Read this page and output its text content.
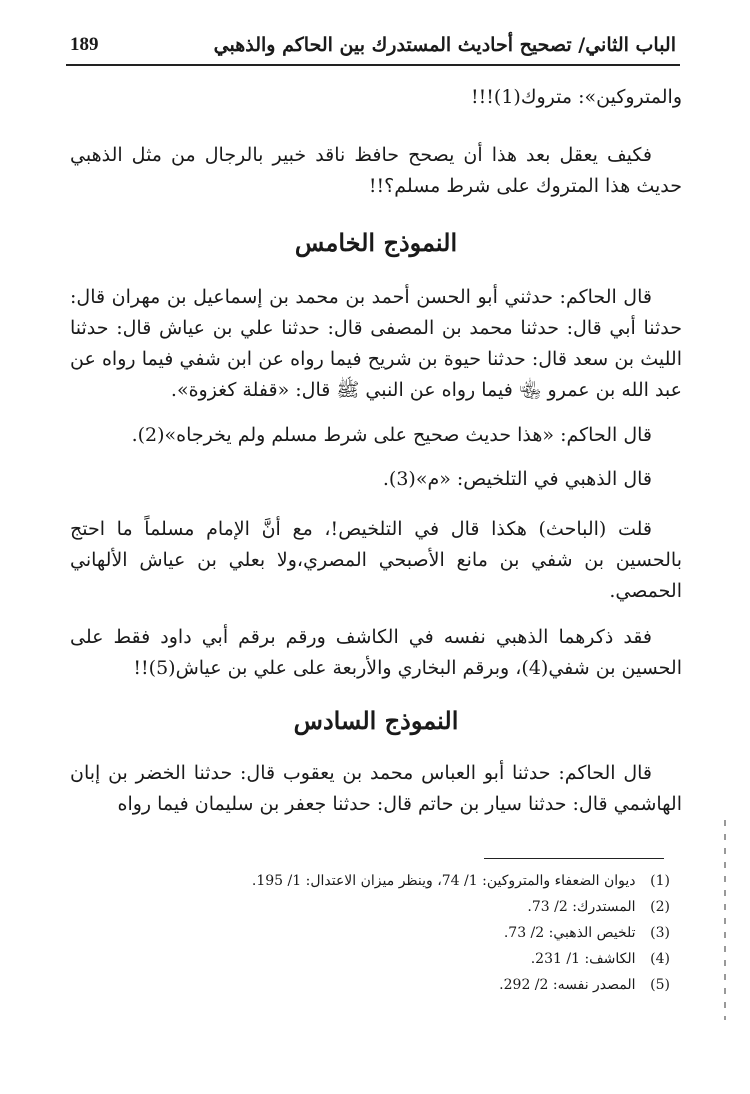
الباب الثاني/ تصحيح أحاديث المستدرك بين الحاكم والذهبي
189
والمتروكين»: متروك(1)!!!
فكيف يعقل بعد هذا أن يصحح حافظ ناقد خبير بالرجال من مثل الذهبي حديث هذا المتروك على شرط مسلم؟!!
النموذج الخامس
قال الحاكم: حدثني أبو الحسن أحمد بن محمد بن إسماعيل بن مهران قال: حدثنا أبي قال: حدثنا محمد بن المصفى قال: حدثنا علي بن عياش قال: حدثنا الليث بن سعد قال: حدثنا حيوة بن شريح فيما رواه عن ابن شفي فيما رواه عن عبد الله بن عمرو ﵄ فيما رواه عن النبي ﷺ قال: «قفلة كغزوة».
قال الحاكم: «هذا حديث صحيح على شرط مسلم ولم يخرجاه»(2).
قال الذهبي في التلخيص: «م»(3).
قلت (الباحث) هكذا قال في التلخيص!، مع أنَّ الإمام مسلماً ما احتج بالحسين بن شفي بن مانع الأصبحي المصري،ولا بعلي بن عياش الألهاني الحمصي.
فقد ذكرهما الذهبي نفسه في الكاشف ورقم برقم أبي داود فقط على الحسين بن شفي(4)، وبرقم البخاري والأربعة على علي بن عياش(5)!!
النموذج السادس
قال الحاكم: حدثنا أبو العباس محمد بن يعقوب قال: حدثنا الخضر بن إبان الهاشمي قال: حدثنا سيار بن حاتم قال: حدثنا جعفر بن سليمان فيما رواه
(1) ديوان الضعفاء والمتروكين: 1/ 74، وينظر ميزان الاعتدال: 1/ 195.
(2) المستدرك: 2/ 73.
(3) تلخيص الذهبي: 2/ 73.
(4) الكاشف: 1/ 231.
(5) المصدر نفسه: 2/ 292.
